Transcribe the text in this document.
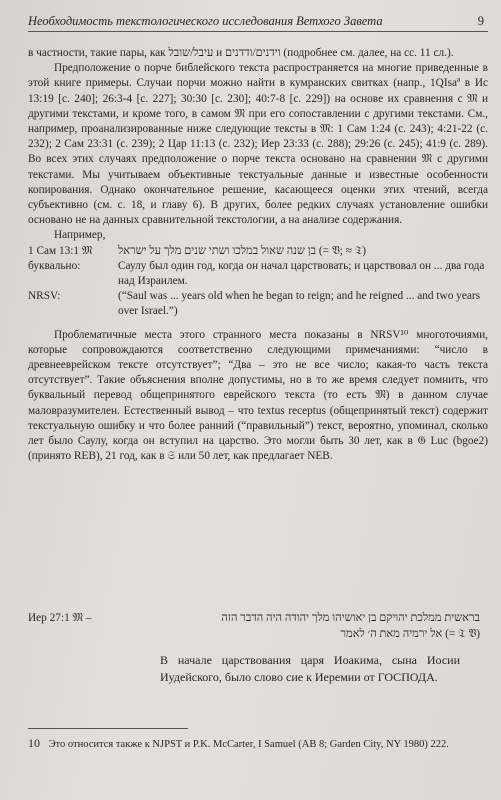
Необходимость текстологического исследования Ветхого Завета	9

в частности, такие пары, как עיבל/שובל и וידנים/ודדנים (подробнее см. далее, на сс. 11 сл.).

Предположение о порче библейского текста распространяется на многие приведенные в этой книге примеры. Случаи порчи можно найти в кумранских свитках (напр., 1QIsaª в Ис 13:19 [с. 240]; 26:3-4 [с. 227]; 30:30 [с. 230]; 40:7-8 [с. 229]) на основе их сравнения с 𝔐 и другими текстами, и кроме того, в самом 𝔐 при его сопоставлении с другими текстами. См., например, проанализированные ниже следующие тексты в 𝔐: 1 Сам 1:24 (с. 243); 4:21-22 (с. 232); 2 Сам 23:31 (с. 239); 2 Цар 11:13 (с. 232); Иер 23:33 (с. 288); 29:26 (с. 245); 41:9 (с. 289). Во всех этих случаях предположение о порче текста основано на сравнении 𝔐 с другими текстами. Мы учитываем объективные текстуальные данные и известные особенности копирования. Однако окончательное решение, касающееся оценки этих чтений, всегда субъективно (см. с. 18, и главу 6). В других, более редких случаях установление ошибки основано не на данных сравнительной текстологии, а на анализе содержания.

Например,

1 Сам 13:1 𝔐	בן שנה שאול במלכו ושתי שנים מלך על ישראל (= 𝔙; ≈ 𝔗)
буквально:	Саулу был один год, когда он начал царствовать; и царствовал он ... два года над Израилем.
NRSV:	(“Saul was ... years old when he began to reign; and he reigned ... and two years over Israel.”)

Проблематичные места этого странного места показаны в NRSV¹⁰ многоточиями, которые сопровождаются соответственно следующими примечаниями: “число в древнееврейском тексте отсутствует”; “Два – это не все число; какая-то часть текста отсутствует”. Такие объяснения вполне допустимы, но в то же время следует помнить, что буквальный перевод общепринятого еврейского текста (то есть 𝔐) в данном случае маловразумителен. Естественный вывод – что textus receptus (общепринятый текст) содержит текстуальную ошибку и что более ранний (“правильный”) текст, вероятно, упоминал, сколько лет было Саулу, когда он вступил на царство. Это могли быть 30 лет, как в 𝔊 Luc (bgoe2) (принято REB), 21 год, как в 𝔖 или 50 лет, как предлагает NEB.

Иер 27:1 𝔐 –	בראשית ממלכת יהויקם בן יאושיהו מלך יהודה היה הדבר הזה
אל ירמיה מאת ה׳ לאמר (= 𝔗 𝔙)
В начале царствования царя Иоакима, сына Иосии Иудейского, было слово сие к Иеремии от ГОСПОДА.
10 Это относится также к NJPST и P.K. McCarter, I Samuel (AB 8; Garden City, NY 1980) 222.
